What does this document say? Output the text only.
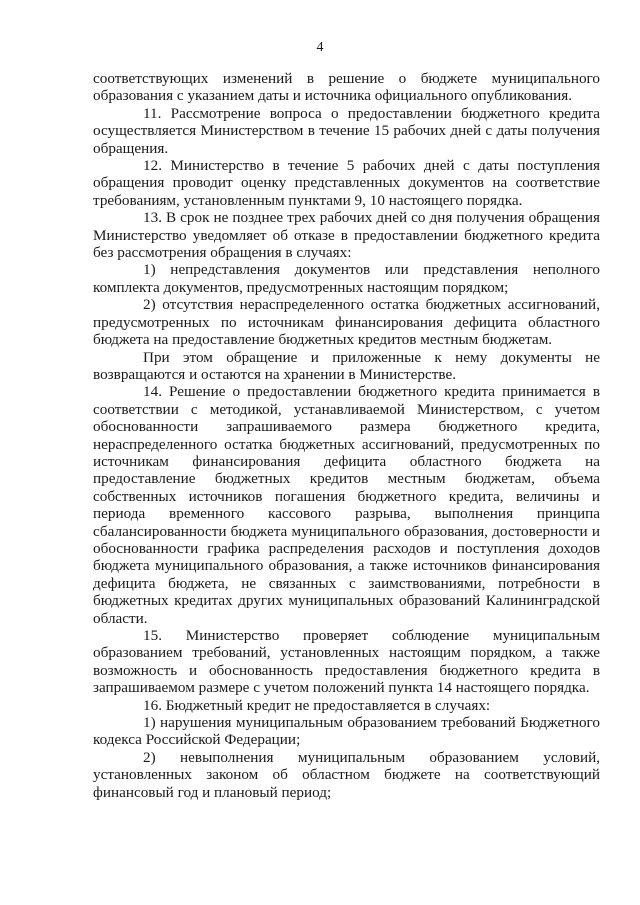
4

соответствующих изменений в решение о бюджете муниципального образования с указанием даты и источника официального опубликования.

11. Рассмотрение вопроса о предоставлении бюджетного кредита осуществляется Министерством в течение 15 рабочих дней с даты получения обращения.

12. Министерство в течение 5 рабочих дней с даты поступления обращения проводит оценку представленных документов на соответствие требованиям, установленным пунктами 9, 10 настоящего порядка.

13. В срок не позднее трех рабочих дней со дня получения обращения Министерство уведомляет об отказе в предоставлении бюджетного кредита без рассмотрения обращения в случаях:

1) непредставления документов или представления неполного комплекта документов, предусмотренных настоящим порядком;

2) отсутствия нераспределенного остатка бюджетных ассигнований, предусмотренных по источникам финансирования дефицита областного бюджета на предоставление бюджетных кредитов местным бюджетам.

При этом обращение и приложенные к нему документы не возвращаются и остаются на хранении в Министерстве.

14. Решение о предоставлении бюджетного кредита принимается в соответствии с методикой, устанавливаемой Министерством, с учетом обоснованности запрашиваемого размера бюджетного кредита, нераспределенного остатка бюджетных ассигнований, предусмотренных по источникам финансирования дефицита областного бюджета на предоставление бюджетных кредитов местным бюджетам, объема собственных источников погашения бюджетного кредита, величины и периода временного кассового разрыва, выполнения принципа сбалансированности бюджета муниципального образования, достоверности и обоснованности графика распределения расходов и поступления доходов бюджета муниципального образования, а также источников финансирования дефицита бюджета, не связанных с заимствованиями, потребности в бюджетных кредитах других муниципальных образований Калининградской области.

15. Министерство проверяет соблюдение муниципальным образованием требований, установленных настоящим порядком, а также возможность и обоснованность предоставления бюджетного кредита в запрашиваемом размере с учетом положений пункта 14 настоящего порядка.

16. Бюджетный кредит не предоставляется в случаях:

1) нарушения муниципальным образованием требований Бюджетного кодекса Российской Федерации;

2) невыполнения муниципальным образованием условий, установленных законом об областном бюджете на соответствующий финансовый год и плановый период;
